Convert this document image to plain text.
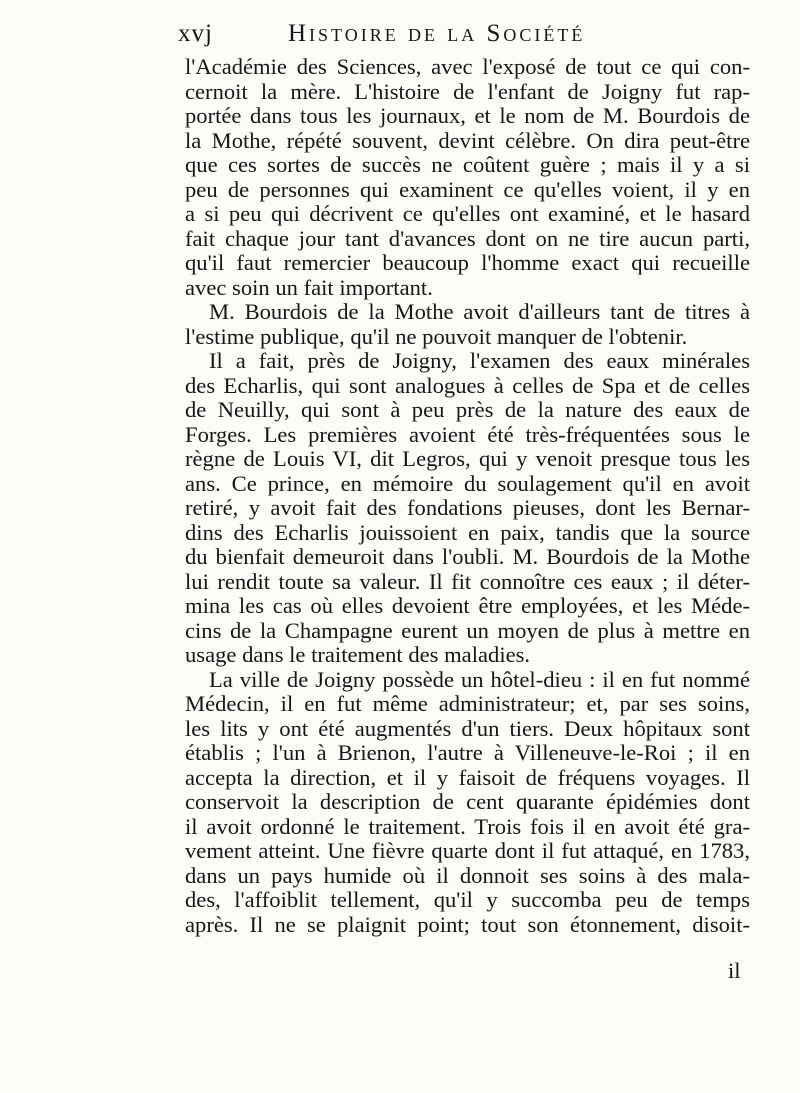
xvj	Histoire de la Société
l'Académie des Sciences, avec l'exposé de tout ce qui con-
cernoit la mère. L'histoire de l'enfant de Joigny fut rap-
portée dans tous les journaux, et le nom de M. Bourdois de
la Mothe, répété souvent, devint célèbre. On dira peut-être
que ces sortes de succès ne coûtent guère ; mais il y a si
peu de personnes qui examinent ce qu'elles voient, il y en
a si peu qui décrivent ce qu'elles ont examiné, et le hasard
fait chaque jour tant d'avances dont on ne tire aucun parti,
qu'il faut remercier beaucoup l'homme exact qui recueille
avec soin un fait important.
M. Bourdois de la Mothe avoit d'ailleurs tant de titres à
l'estime publique, qu'il ne pouvoit manquer de l'obtenir.
Il a fait, près de Joigny, l'examen des eaux minérales
des Echarlis, qui sont analogues à celles de Spa et de celles
de Neuilly, qui sont à peu près de la nature des eaux de
Forges. Les premières avoient été très-fréquentées sous le
règne de Louis VI, dit Legros, qui y venoit presque tous les
ans. Ce prince, en mémoire du soulagement qu'il en avoit
retiré, y avoit fait des fondations pieuses, dont les Bernar-
dins des Echarlis jouissoient en paix, tandis que la source
du bienfait demeuroit dans l'oubli. M. Bourdois de la Mothe
lui rendit toute sa valeur. Il fit connoître ces eaux ; il déter-
mina les cas où elles devoient être employées, et les Méde-
cins de la Champagne eurent un moyen de plus à mettre en
usage dans le traitement des maladies.
La ville de Joigny possède un hôtel-dieu : il en fut nommé
Médecin, il en fut même administrateur; et, par ses soins,
les lits y ont été augmentés d'un tiers. Deux hôpitaux sont
établis ; l'un à Brienon, l'autre à Villeneuve-le-Roi ; il en
accepta la direction, et il y faisoit de fréquens voyages. Il
conservoit la description de cent quarante épidémies dont
il avoit ordonné le traitement. Trois fois il en avoit été gra-
vement atteint. Une fièvre quarte dont il fut attaqué, en 1783,
dans un pays humide où il donnoit ses soins à des mala-
des, l'affoiblit tellement, qu'il y succomba peu de temps
après. Il ne se plaignit point; tout son étonnement, disoit-
il
